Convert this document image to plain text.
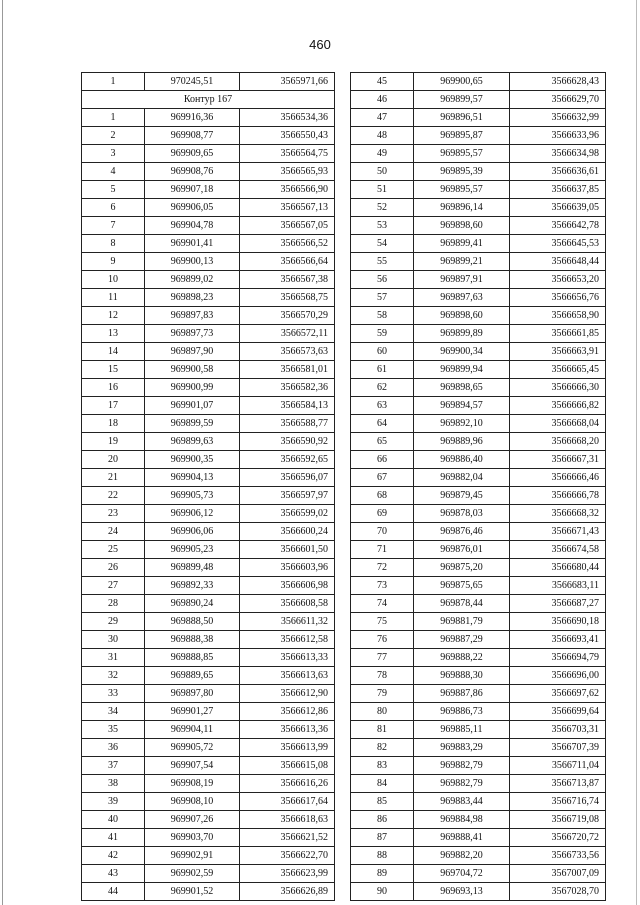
460
1	970245,51	3565971,66
Контур 167		
1	969916,36	3566534,36
2	969908,77	3566550,43
3	969909,65	3566564,75
4	969908,76	3566565,93
5	969907,18	3566566,90
6	969906,05	3566567,13
7	969904,78	3566567,05
8	969901,41	3566566,52
9	969900,13	3566566,64
10	969899,02	3566567,38
11	969898,23	3566568,75
12	969897,83	3566570,29
13	969897,73	3566572,11
14	969897,90	3566573,63
15	969900,58	3566581,01
16	969900,99	3566582,36
17	969901,07	3566584,13
18	969899,59	3566588,77
19	969899,63	3566590,92
20	969900,35	3566592,65
21	969904,13	3566596,07
22	969905,73	3566597,97
23	969906,12	3566599,02
24	969906,06	3566600,24
25	969905,23	3566601,50
26	969899,48	3566603,96
27	969892,33	3566606,98
28	969890,24	3566608,58
29	969888,50	3566611,32
30	969888,38	3566612,58
31	969888,85	3566613,33
32	969889,65	3566613,63
33	969897,80	3566612,90
34	969901,27	3566612,86
35	969904,11	3566613,36
36	969905,72	3566613,99
37	969907,54	3566615,08
38	969908,19	3566616,26
39	969908,10	3566617,64
40	969907,26	3566618,63
41	969903,70	3566621,52
42	969902,91	3566622,70
43	969902,59	3566623,99
44	969901,52	3566626,89
45	969900,65	3566628,43
46	969899,57	3566629,70
47	969896,51	3566632,99
48	969895,87	3566633,96
49	969895,57	3566634,98
50	969895,39	3566636,61
51	969895,57	3566637,85
52	969896,14	3566639,05
53	969898,60	3566642,78
54	969899,41	3566645,53
55	969899,21	3566648,44
56	969897,91	3566653,20
57	969897,63	3566656,76
58	969898,60	3566658,90
59	969899,89	3566661,85
60	969900,34	3566663,91
61	969899,94	3566665,45
62	969898,65	3566666,30
63	969894,57	3566666,82
64	969892,10	3566668,04
65	969889,96	3566668,20
66	969886,40	3566667,31
67	969882,04	3566666,46
68	969879,45	3566666,78
69	969878,03	3566668,32
70	969876,46	3566671,43
71	969876,01	3566674,58
72	969875,20	3566680,44
73	969875,65	3566683,11
74	969878,44	3566687,27
75	969881,79	3566690,18
76	969887,29	3566693,41
77	969888,22	3566694,79
78	969888,30	3566696,00
79	969887,86	3566697,62
80	969886,73	3566699,64
81	969885,11	3566703,31
82	969883,29	3566707,39
83	969882,79	3566711,04
84	969882,79	3566713,87
85	969883,44	3566716,74
86	969884,98	3566719,08
87	969888,41	3566720,72
88	969882,20	3566733,56
89	969704,72	3567007,09
90	969693,13	3567028,70
